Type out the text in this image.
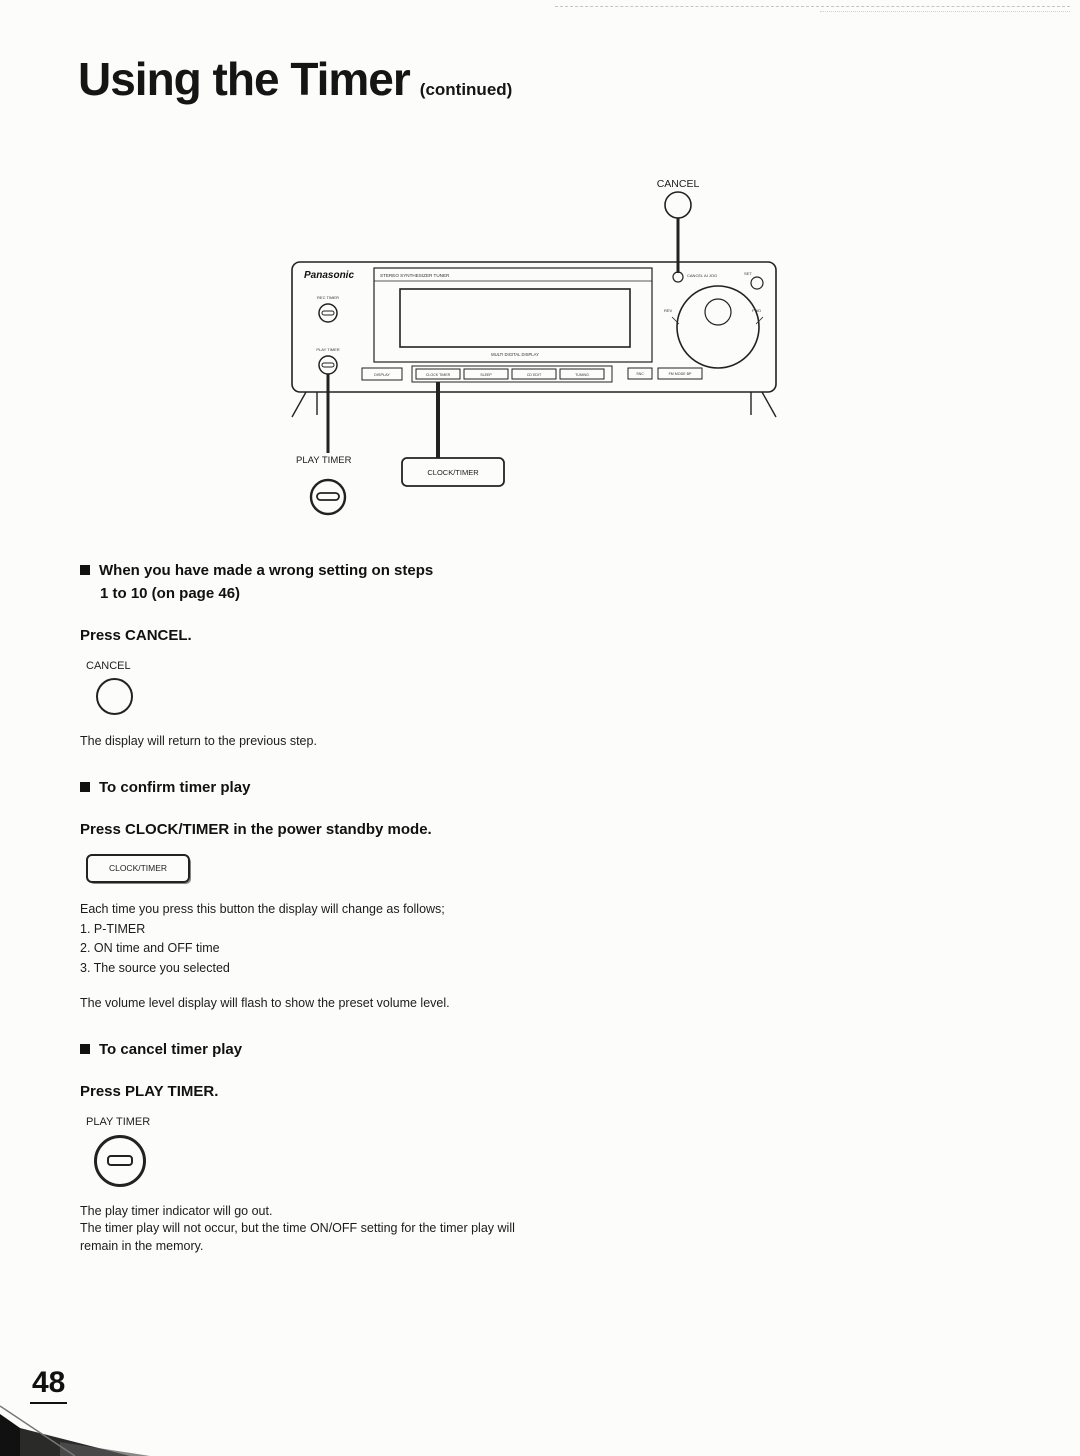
Using the Timer (continued)
CANCEL
Panasonic
REC TIMER
PLAY TIMER
STEREO SYNTHESIZER TUNER
MULTI DIGITAL DISPLAY
DISPLAY	CLOCK TIMER	SLEEP	CD EDIT	TUNING	SNC	FM MODE BP
CANCEL AI JOG	SET
REV	FWD
PLAY TIMER
CLOCK/TIMER
When you have made a wrong setting on steps
1 to 10 (on page 46)
Press CANCEL.
CANCEL
The display will return to the previous step.
To confirm timer play
Press CLOCK/TIMER in the power standby mode.
CLOCK/TIMER
Each time you press this button the display will change as follows;
1. P-TIMER
2. ON time and OFF time
3. The source you selected
The volume level display will flash to show the preset volume level.
To cancel timer play
Press PLAY TIMER.
PLAY TIMER
The play timer indicator will go out.
The timer play will not occur, but the time ON/OFF setting for the timer play will remain in the memory.
48
